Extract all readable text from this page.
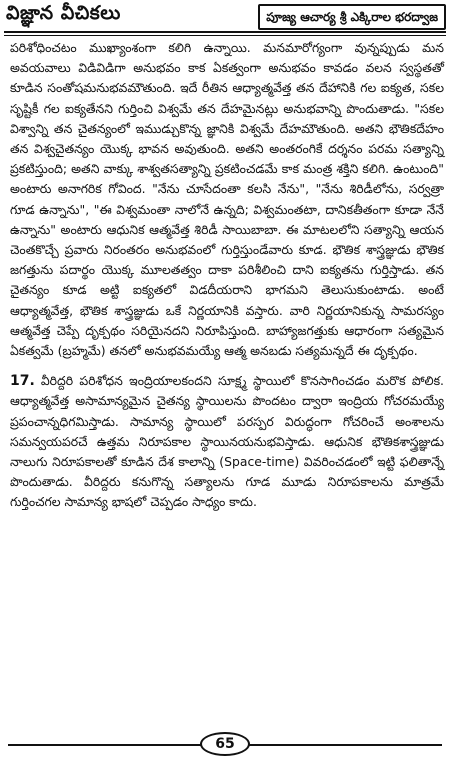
విజ్ఞాన వీచికలు	పూజ్య ఆచార్య శ్రీ ఎక్కిరాల భరద్వాజ

పరిశోధించటం ముఖ్యాంశంగా కలిగి ఉన్నాయి. మనమారోగ్యంగా వున్నప్పుడు మన అవయవాలు విడివిడిగా అనుభవం కాక ఏకత్వంగా అనుభవం కావడం వలన స్వస్థతతో కూడిన సంతోషమనుభవమౌతుంది. ఇదే రీతిన ఆధ్యాత్మవేత్త తన దేహానికి గల ఐక్యత, సకల సృష్టికీ గల ఐక్యతేనని గుర్తించి విశ్వమే తన దేహమైనట్లు అనుభవాన్ని పొందుతాడు. "సకల విశ్వాన్ని తన చైతన్యంలో ఇముడ్చుకొన్న జ్ఞానికి విశ్వమే దేహమౌతుంది. అతని భౌతికదేహం తన విశ్వచైతన్యం యొక్క భావన అవుతుంది. అతని అంతరంగికే దర్శనం పరమ సత్యాన్ని ప్రకటిస్తుంది; అతని వాక్కు శాశ్వతసత్యాన్ని ప్రకటించడమే కాక మంత్ర శక్తిని కలిగి. ఉంటుంది" అంటారు అనాగరిక గోవింద. "నేను చూసేదంతా కలసి నేను", "నేను శిరిడీలోను, సర్వత్రా గూడ ఉన్నాను", "ఈ విశ్వమంతా నాలోనే ఉన్నది; విశ్వమంతటా, దానికతీతంగా కూడా నేనే ఉన్నాను" అంటారు ఆధునిక ఆత్మవేత్త శిరిడీ సాయిబాబా. ఈ మాటలలోని సత్యాన్ని ఆయన చెంతకొచ్చే ప్రవారు నిరంతరం అనుభవంలో గుర్తిస్తుండేవారు కూడ. భౌతిక శాస్త్రజ్ఞుడు భౌతిక జగత్తును పదార్థం యొక్క మూలతత్వం దాకా పరిశీలించి దాని ఐక్యతను గుర్తిస్తాడు. తన చైతన్యం కూడ అట్టి ఐక్యతలో విడదీయరాని భాగమని తెలుసుకుంటాడు. అంటే ఆధ్యాత్మవేత్త, భౌతిక శాస్త్రజ్ఞుడు ఒకే నిర్ణయానికి వస్తారు. వారి నిర్ణయానికున్న సామరస్యం ఆత్మవేత్త చెప్పే దృక్పథం సరియైనదని నిరూపిస్తుంది. బాహ్యాజగత్తుకు ఆధారంగా సత్యమైన ఏకత్వమే (బ్రహ్మమే) తనలో అనుభవమయ్యే ఆత్మ అనబడు సత్యమన్నదే ఈ దృక్పథం.

17. వీరిద్దరి పరిశోధన ఇంద్రియాలకందని సూక్ష్మ స్థాయిలో కొనసాగించడం మరొక పోలిక. ఆధ్యాత్మవేత్త అసామాన్యమైన చైతన్య స్థాయిలను పొందటం ద్వారా ఇంద్రియ గోచరమయ్యే ప్రపంచాన్నధిగమిస్తాడు. సామాన్య స్థాయిలో పరస్పర విరుద్ధంగా గోచరించే అంశాలను సమన్వయపరచే ఉత్తమ నిరూపకాల స్థాయినయనుభవిస్తాడు. ఆధునిక భౌతికశాస్త్రజ్ఞుడు నాలుగు నిరూపకాలతో కూడిన దేశ కాలాన్ని (Space-time) వివరించడంలో ఇట్టి ఫలితాన్నే పొందుతాడు. వీరిద్దరు కనుగొన్న సత్యాలను గూడ మూడు నిరూపకాలను మాత్రమే గుర్తించగల సామాన్య భాషలో చెప్పడం సాధ్యం కాదు.

65
